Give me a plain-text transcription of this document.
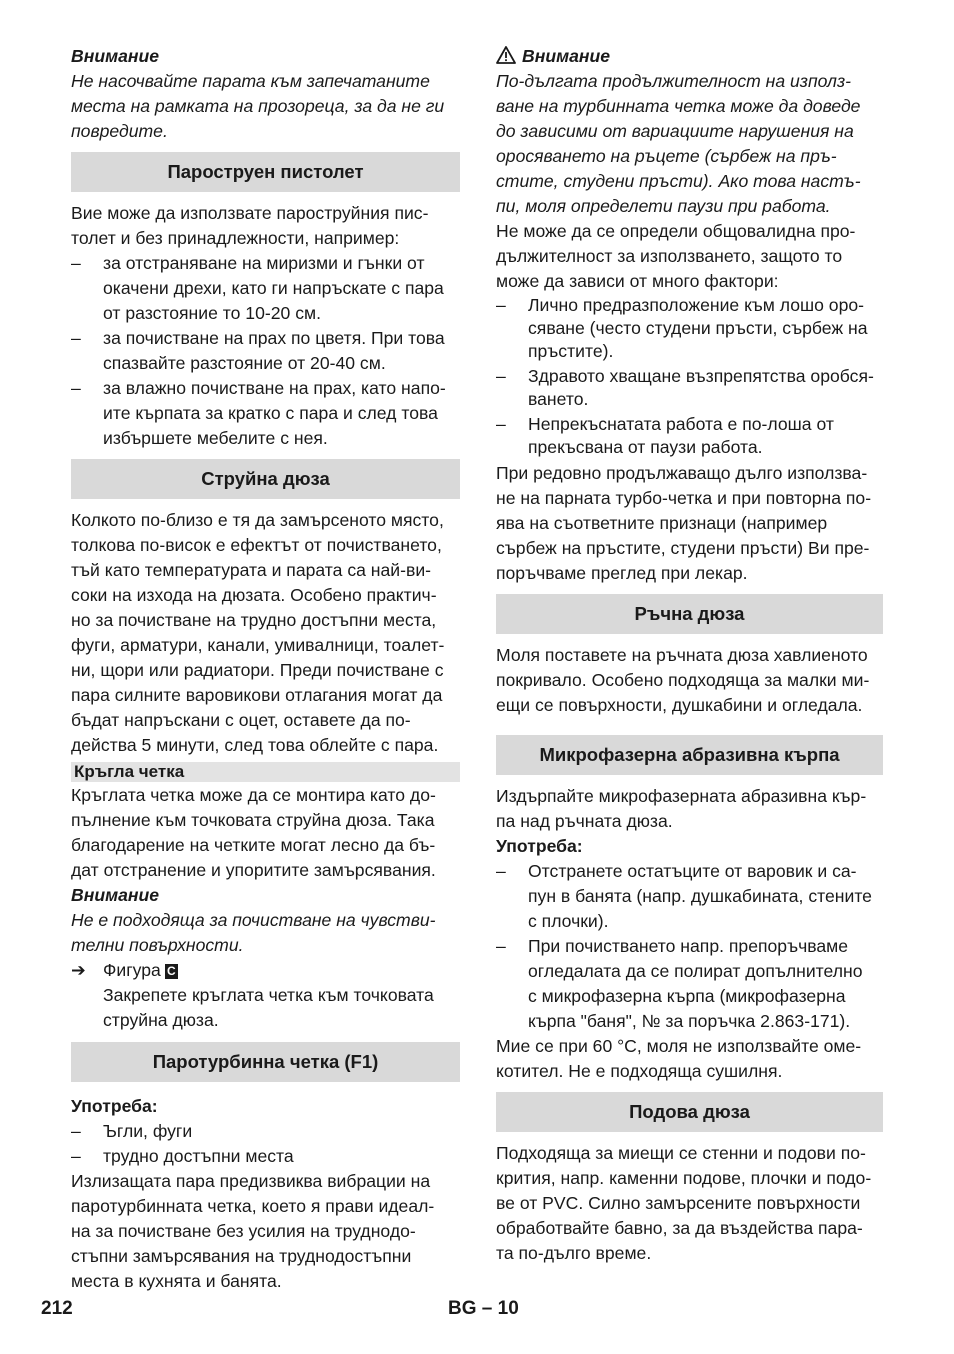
Внимание

Не насочвайте парата към запечатаните
места на рамката на прозореца, за да не ги
повредите.

Пароструен пистолет

Вие може да използвате пароструйния пис-
толет и без принадлежности, например:

– за отстраняване на миризми и гънки от
окачени дрехи, като ги напръскате с пара
от разстояние то 10-20 см.
– за почистване на прах по цветя. При това
спазвайте разстояние от 20-40 см.
– за влажно почистване на прах, като напо-
ите кърпата за кратко с пара и след това
избършете мебелите с нея.
Струйна дюза

Колкото по-близо е тя да замърсеното място,
толкова по-висок е ефектът от почистването,
тъй като температурата и парата са най-ви-
соки на изхода на дюзата. Особено практич-
но за почистване на трудно достъпни места,
фуги, арматури, канали, умивалници, тоалет-
ни, щори или радиатори. Преди почистване с
пара силните варовикови отлагания могат да
бъдат напръскани с оцет, оставете да по-
действа 5 минути, след това облейте с пара.

Кръгла четка

Кръглата четка може да се монтира като до-
пълнение към точковата струйна дюза. Така
благодарение на четките могат лесно да бъ-
дат отстранение и упоритите замърсявания.

Внимание

Не е подходяща за почистване на чувстви-
телни повърхности.

➔ Фигура C
Закрепете кръглата четка към точковата
струйна дюза.
Паротурбинна четка (F1)

Употреба:

– Ъгли, фуги
– трудно достъпни места

Излизащата пара предизвиква вибрации на
паротурбинната четка, което я прави идеал-
на за почистване без усилия на труднодо-
стъпни замърсявания на труднодостъпни
места в кухнята и банята.

Внимание

По-дългата продължителност на използ-
ване на турбинната четка може да доведе
до зависими от вариациите нарушения на
оросяването на ръцете (сърбеж на пръ-
стите, студени пръсти). Ако това настъ-
пи, моля определети паузи при работа.

Не може да се определи общовалидна про-
дължителност за използването, защото то
може да зависи от много фактори:

– Лично предразположение към лошо оро-
сяване (често студени пръсти, сърбеж на
пръстите).
– Здравото хващане възпрепятства оробся-
ването.
– Непрекъснатата работа е по-лоша от
прекъсвана от паузи работа.

При редовно продължаващо дълго използва-
не на парната турбо-четка и при повторна по-
ява на съответните признаци (например
сърбеж на пръстите, студени пръсти) Ви пре-
поръчваме преглед при лекар.

Ръчна дюза

Моля поставете на ръчната дюза хавлиеното
покривало. Особено подходяща за малки ми-
ещи се повърхности, душкабини и огледала.

Микрофазерна абразивна кърпа

Издърпайте микрофазерната абразивна кър-
па над ръчната дюза.

Употреба:

– Отстранете остатъците от варовик и са-
пун в банята (напр. душкабината, стените
с плочки).
– При почистването напр. препоръчваме
огледалата да се полират допълнително
с микрофазерна кърпа (микрофазерна
кърпа "баня", № за поръчка 2.863-171).

Мие се при 60 °C, моля не използвайте оме-
котител. Не е подходяща сушилня.

Подова дюза

Подходяща за миещи се стенни и подови по-
крития, напр. каменни подове, плочки и подо-
ве от PVC. Силно замърсените повърхности
обработвайте бавно, за да въздейства пара-
та по-дълго време.

212	BG – 10
